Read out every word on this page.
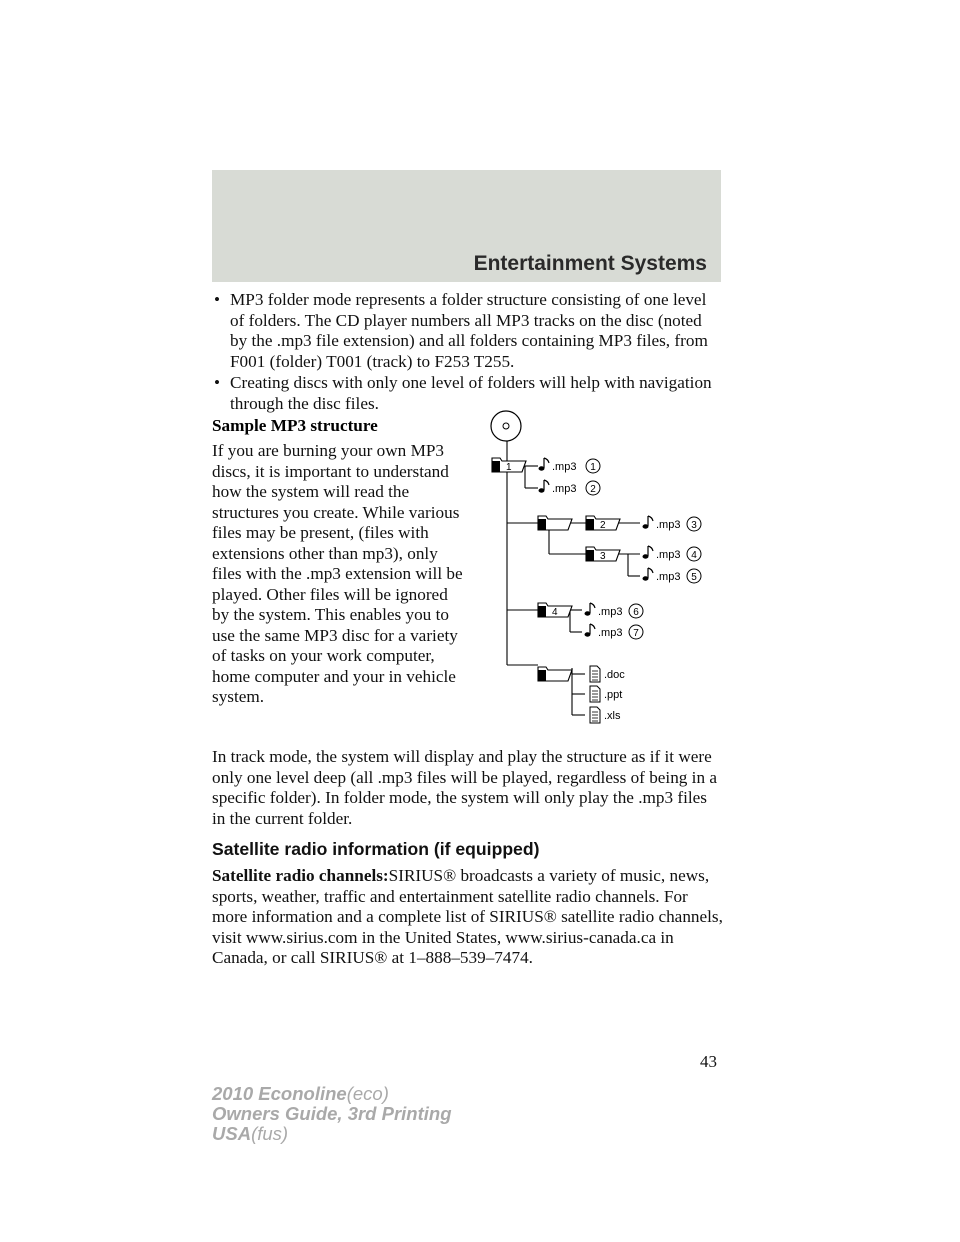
Entertainment Systems
• MP3 folder mode represents a folder structure consisting of one level
of folders. The CD player numbers all MP3 tracks on the disc (noted
by the .mp3 file extension) and all folders containing MP3 files, from
F001 (folder) T001 (track) to F253 T255.
• Creating discs with only one level of folders will help with navigation
through the disc files.
Sample MP3 structure
If you are burning your own MP3
discs, it is important to understand
how the system will read the
structures you create. While various
files may be present, (files with
extensions other than mp3), only
files with the .mp3 extension will be
played. Other files will be ignored
by the system. This enables you to
use the same MP3 disc for a variety
of tasks on your work computer,
home computer and your in vehicle
system.
1
2
3
4
.mp3 1
.mp3 2
.mp3 3
.mp3 4
.mp3 5
.mp3 6
.mp3 7
.doc
.ppt
.xls
In track mode, the system will display and play the structure as if it were
only one level deep (all .mp3 files will be played, regardless of being in a
specific folder). In folder mode, the system will only play the .mp3 files
in the current folder.
Satellite radio information (if equipped)
Satellite radio channels:SIRIUS® broadcasts a variety of music, news,
sports, weather, traffic and entertainment satellite radio channels. For
more information and a complete list of SIRIUS® satellite radio channels,
visit www.sirius.com in the United States, www.sirius-canada.ca in
Canada, or call SIRIUS® at 1–888–539–7474.
43
2010 Econoline(eco)
Owners Guide, 3rd Printing
USA(fus)
